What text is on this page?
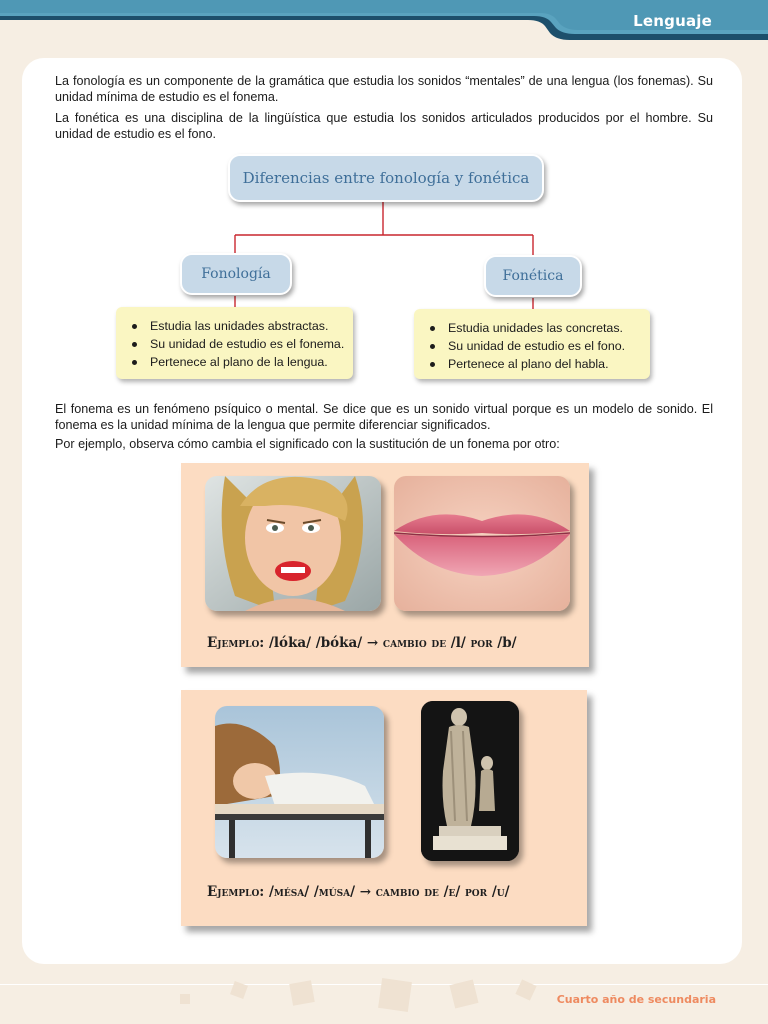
Lenguaje

La fonología es un componente de la gramática que estudia los sonidos “mentales” de una lengua (los fonemas). Su unidad mínima de estudio es el fonema.

La fonética es una disciplina de la lingüística que estudia los sonidos articulados producidos por el hombre. Su unidad de estudio es el fono.

Diferencias entre fonología y fonética
Fonología	Fonética
Estudia las unidades abstractas.
Su unidad de estudio es el fonema.
Pertenece al plano de la lengua.
Estudia unidades las concretas.
Su unidad de estudio es el fono.
Pertenece al plano del habla.

El fonema es un fenómeno psíquico o mental. Se dice que es un sonido virtual porque es un modelo de sonido. El fonema es la unidad mínima de la lengua que permite diferenciar significados.

Por ejemplo, observa cómo cambia el significado con la sustitución de un fonema por otro:

Ejemplo: /lóka/ /bóka/ → cambio de /l/ por /b/
Ejemplo: /mésa/ /músa/ → cambio de /e/ por /u/
Cuarto año de secundaria
